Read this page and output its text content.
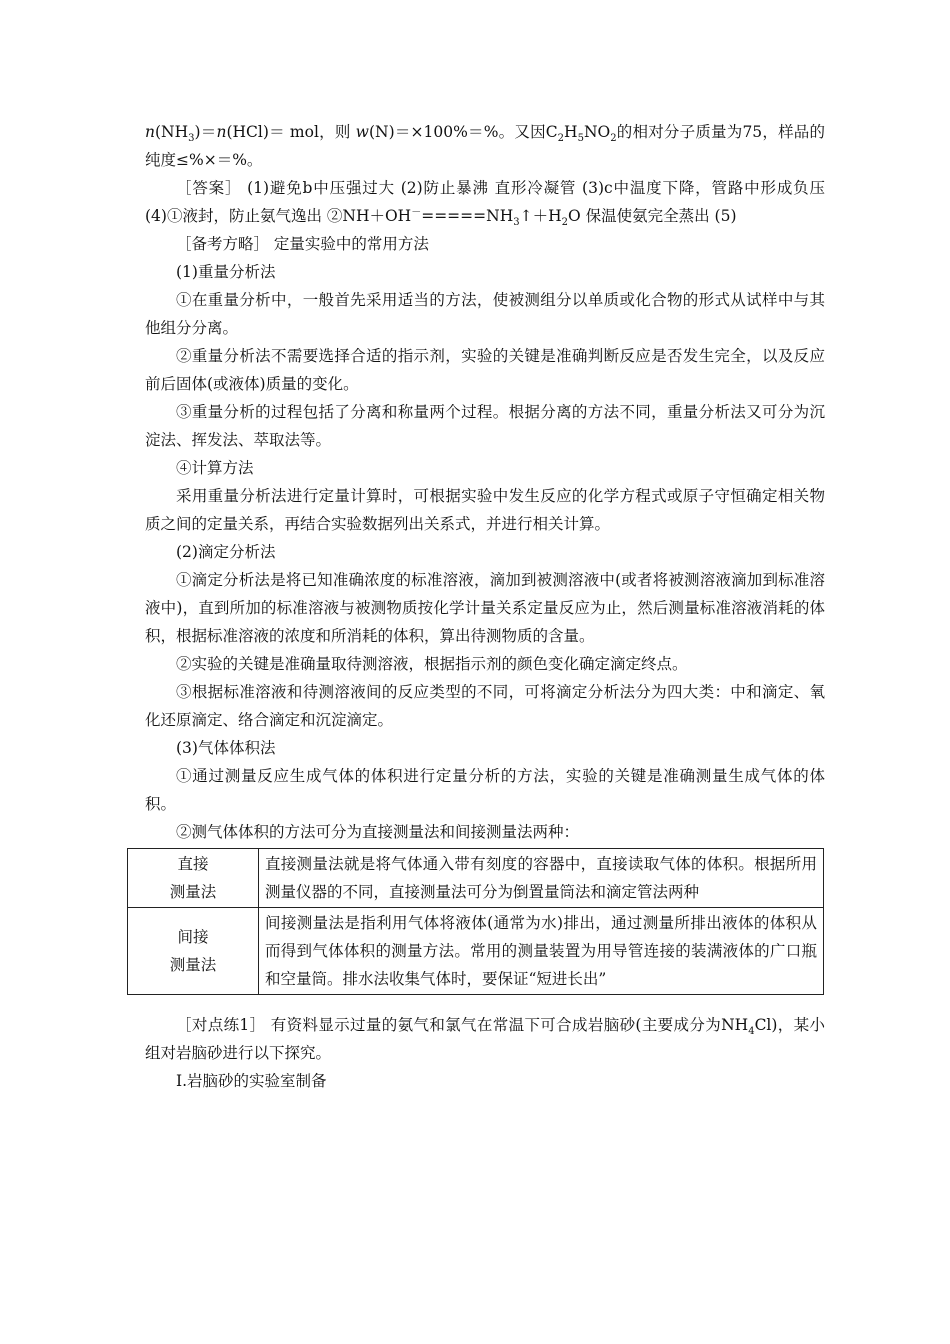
$n(NH_3)=n(HCl)=$ mol，则 w(N)＝×100%＝%。又因$C_2H_5NO_2$的相对分子质量为75，样品的纯度≤%×＝%。

［答案］ (1)避免b中压强过大 (2)防止暴沸 直形冷凝管 (3)c中温度下降，管路中形成负压 (4)①液封，防止氨气逸出 $②NH+OH^-=====NH_3↑+H_2O$ 保温使氨完全蒸出 (5)

［备考方略］ 定量实验中的常用方法

(1)重量分析法

①在重量分析中，一般首先采用适当的方法，使被测组分以单质或化合物的形式从试样中与其他组分分离。

②重量分析法不需要选择合适的指示剂，实验的关键是准确判断反应是否发生完全，以及反应前后固体(或液体)质量的变化。

③重量分析的过程包括了分离和称量两个过程。根据分离的方法不同，重量分析法又可分为沉淀法、挥发法、萃取法等。

④计算方法

采用重量分析法进行定量计算时，可根据实验中发生反应的化学方程式或原子守恒确定相关物质之间的定量关系，再结合实验数据列出关系式，并进行相关计算。

(2)滴定分析法

①滴定分析法是将已知准确浓度的标准溶液，滴加到被测溶液中(或者将被测溶液滴加到标准溶液中)，直到所加的标准溶液与被测物质按化学计量关系定量反应为止，然后测量标准溶液消耗的体积，根据标准溶液的浓度和所消耗的体积，算出待测物质的含量。

②实验的关键是准确量取待测溶液，根据指示剂的颜色变化确定滴定终点。

③根据标准溶液和待测溶液间的反应类型的不同，可将滴定分析法分为四大类：中和滴定、氧化还原滴定、络合滴定和沉淀滴定。

(3)气体体积法

①通过测量反应生成气体的体积进行定量分析的方法，实验的关键是准确测量生成气体的体积。

②测气体体积的方法可分为直接测量法和间接测量法两种：

直接
测量法	直接测量法就是将气体通入带有刻度的容器中，直接读取气体的体积。根据所用测量仪器的不同，直接测量法可分为倒置量筒法和滴定管法两种
间接
测量法	间接测量法是指利用气体将液体(通常为水)排出，通过测量所排出液体的体积从而得到气体体积的测量方法。常用的测量装置为用导管连接的装满液体的广口瓶和空量筒。排水法收集气体时，要保证“短进长出”

［对点练1］ 有资料显示过量的氨气和氯气在常温下可合成岩脑砂(主要成分为$NH_4Cl$)，某小组对岩脑砂进行以下探究。

Ⅰ.岩脑砂的实验室制备
